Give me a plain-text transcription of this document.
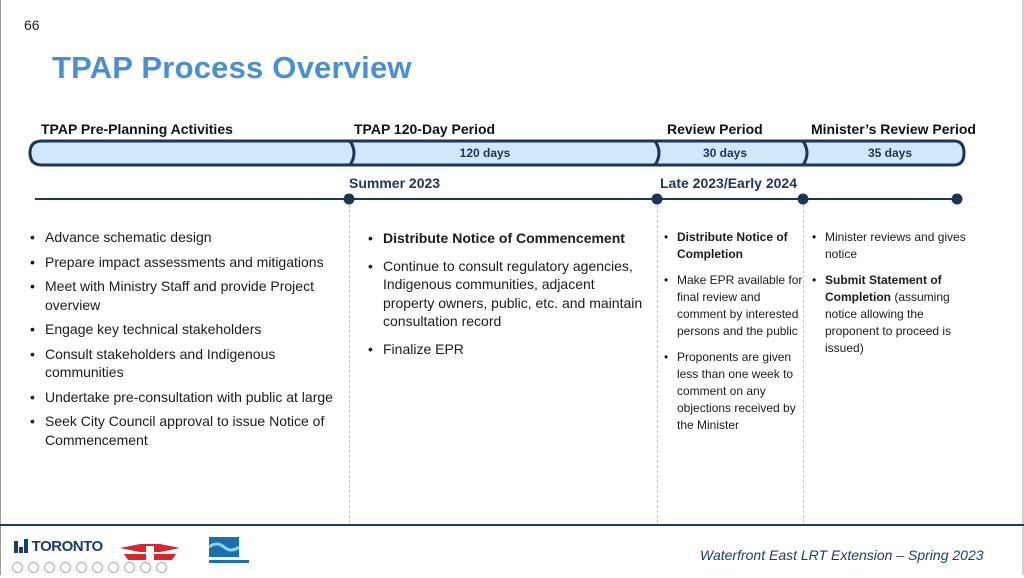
66
TPAP Process Overview
TPAP Pre-Planning Activities	TPAP 120-Day Period	Review Period	Minister’s Review Period
120 days	30 days	35 days
Summer 2023	Late 2023/Early 2024
• Advance schematic design
• Prepare impact assessments and mitigations
• Meet with Ministry Staff and provide Project overview
• Engage key technical stakeholders
• Consult stakeholders and Indigenous communities
• Undertake pre-consultation with public at large
• Seek City Council approval to issue Notice of Commencement
• Distribute Notice of Commencement
• Continue to consult regulatory agencies, Indigenous communities, adjacent property owners, public, etc. and maintain consultation record
• Finalize EPR
• Distribute Notice of Completion
• Make EPR available for final review and comment by interested persons and the public
• Proponents are given less than one week to comment on any objections received by the Minister
• Minister reviews and gives notice
• Submit Statement of Completion (assuming notice allowing the proponent to proceed is issued)
TORONTO	Waterfront East LRT Extension – Spring 2023
